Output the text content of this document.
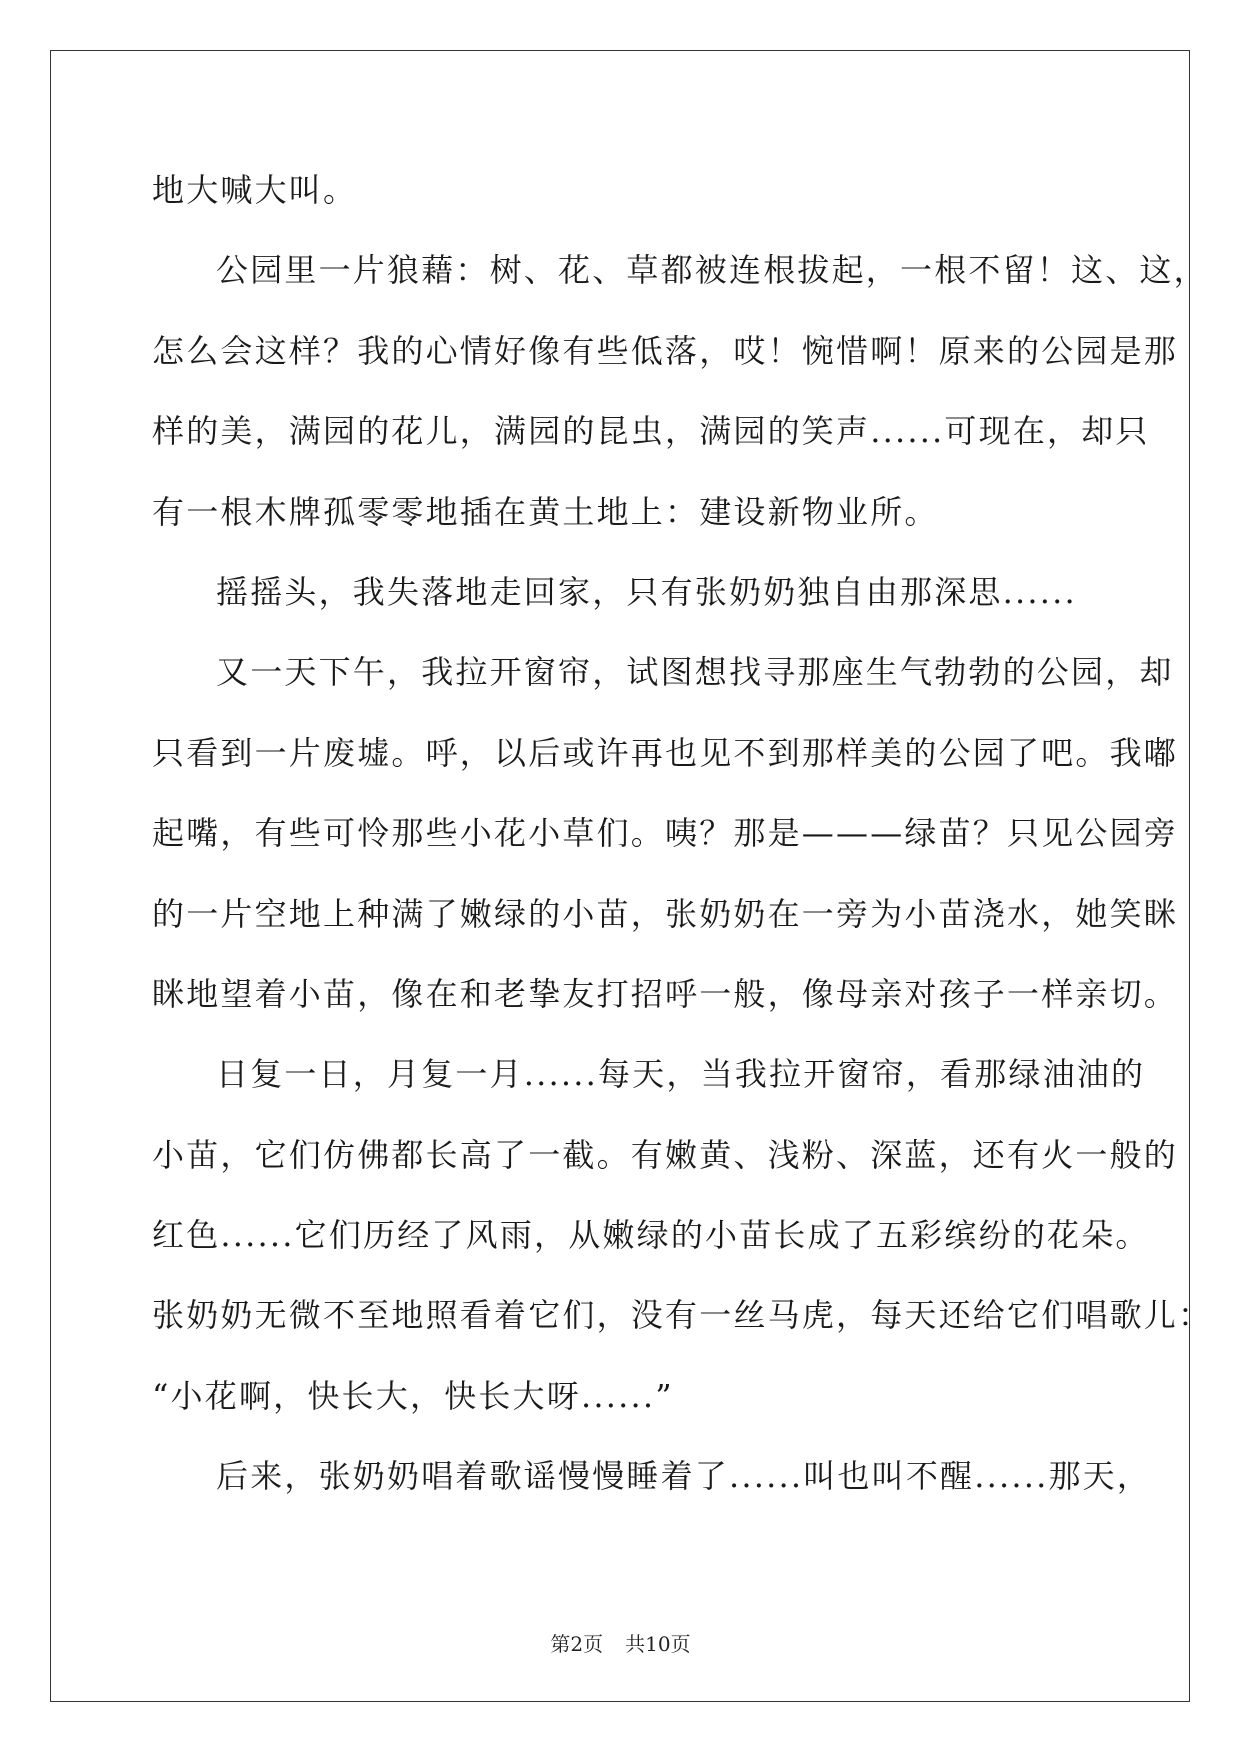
地大喊大叫。
公园里一片狼藉：树、花、草都被连根拔起，一根不留！这、这，
怎么会这样？我的心情好像有些低落，哎！惋惜啊！原来的公园是那
样的美，满园的花儿，满园的昆虫，满园的笑声......可现在，却只
有一根木牌孤零零地插在黄土地上：建设新物业所。
摇摇头，我失落地走回家，只有张奶奶独自由那深思......
又一天下午，我拉开窗帘，试图想找寻那座生气勃勃的公园，却
只看到一片废墟。呼，以后或许再也见不到那样美的公园了吧。我嘟
起嘴，有些可怜那些小花小草们。咦？那是———绿苗？只见公园旁
的一片空地上种满了嫩绿的小苗，张奶奶在一旁为小苗浇水，她笑眯
眯地望着小苗，像在和老挚友打招呼一般，像母亲对孩子一样亲切。
日复一日，月复一月......每天，当我拉开窗帘，看那绿油油的
小苗，它们仿佛都长高了一截。有嫩黄、浅粉、深蓝，还有火一般的
红色......它们历经了风雨，从嫩绿的小苗长成了五彩缤纷的花朵。
张奶奶无微不至地照看着它们，没有一丝马虎，每天还给它们唱歌儿：
“小花啊，快长大，快长大呀......”
后来，张奶奶唱着歌谣慢慢睡着了......叫也叫不醒......那天，
第2页 共10页
